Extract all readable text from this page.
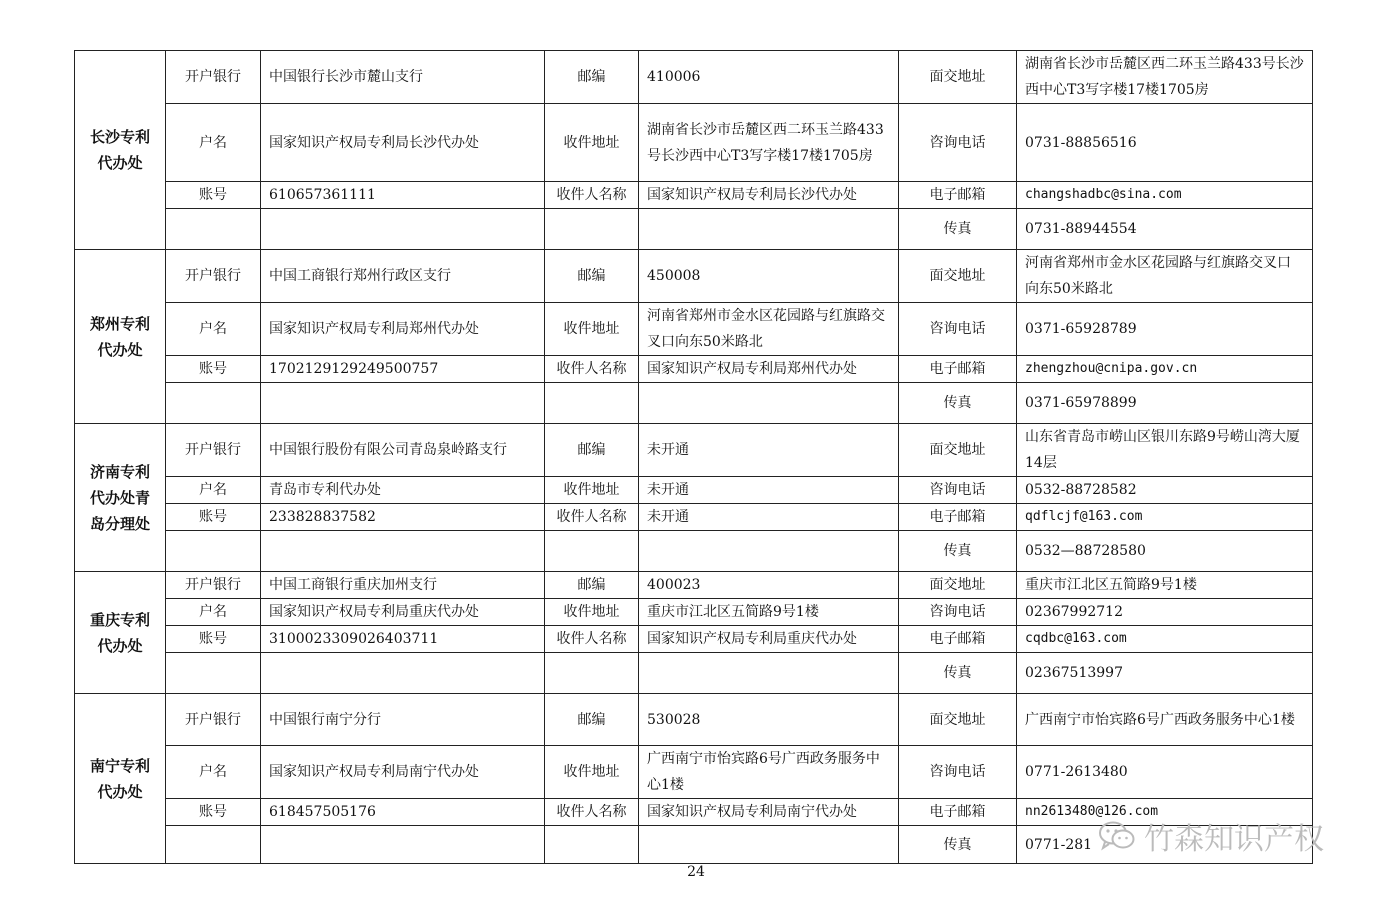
长沙专利代办处	开户银行	中国银行长沙市麓山支行	邮编	410006	面交地址	湖南省长沙市岳麓区西二环玉兰路433号长沙西中心T3写字楼17楼1705房
	户名	国家知识产权局专利局长沙代办处	收件地址	湖南省长沙市岳麓区西二环玉兰路433号长沙西中心T3写字楼17楼1705房	咨询电话	0731-88856516
	账号	610657361111	收件人名称	国家知识产权局专利局长沙代办处	电子邮箱	changshadbc@sina.com
					传真	0731-88944554
郑州专利代办处	开户银行	中国工商银行郑州行政区支行	邮编	450008	面交地址	河南省郑州市金水区花园路与红旗路交叉口向东50米路北
	户名	国家知识产权局专利局郑州代办处	收件地址	河南省郑州市金水区花园路与红旗路交叉口向东50米路北	咨询电话	0371-65928789
	账号	1702129129249500757	收件人名称	国家知识产权局专利局郑州代办处	电子邮箱	zhengzhou@cnipa.gov.cn
					传真	0371-65978899
济南专利代办处青岛分理处	开户银行	中国银行股份有限公司青岛泉岭路支行	邮编	未开通	面交地址	山东省青岛市崂山区银川东路9号崂山湾大厦14层
	户名	青岛市专利代办处	收件地址	未开通	咨询电话	0532-88728582
	账号	233828837582	收件人名称	未开通	电子邮箱	qdflcjf@163.com
					传真	0532—88728580
重庆专利代办处	开户银行	中国工商银行重庆加州支行	邮编	400023	面交地址	重庆市江北区五简路9号1楼
	户名	国家知识产权局专利局重庆代办处	收件地址	重庆市江北区五简路9号1楼	咨询电话	02367992712
	账号	3100023309026403711	收件人名称	国家知识产权局专利局重庆代办处	电子邮箱	cqdbc@163.com
					传真	02367513997
南宁专利代办处	开户银行	中国银行南宁分行	邮编	530028	面交地址	广西南宁市怡宾路6号广西政务服务中心1楼
	户名	国家知识产权局专利局南宁代办处	收件地址	广西南宁市怡宾路6号广西政务服务中心1楼	咨询电话	0771-2613480
	账号	618457505176	收件人名称	国家知识产权局专利局南宁代办处	电子邮箱	nn2613480@126.com
					传真	0771-281
24
竹森知识产权
